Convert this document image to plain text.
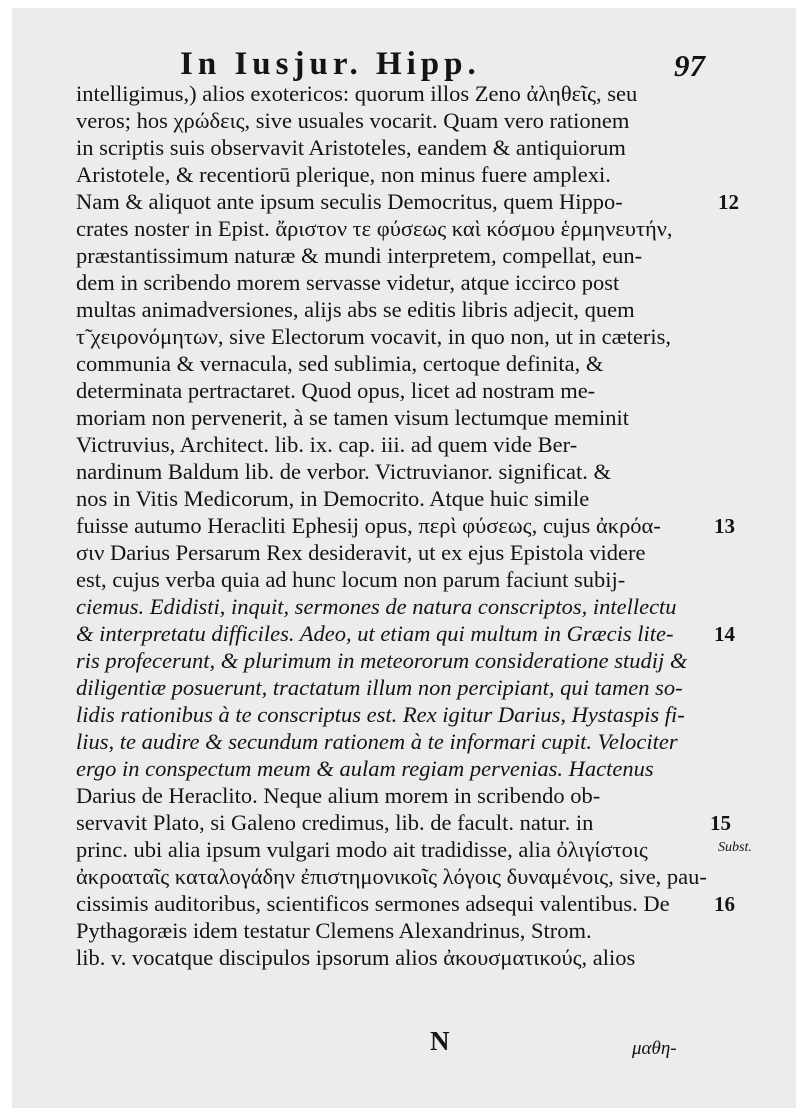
In Iusjur. Hipp.	97
intelligimus,) alios exotericos: quorum illos Zeno ἀληθεῖς, seu
veros; hos χρώδεις, sive usuales vocarit. Quam vero rationem
in scriptis suis observavit Aristoteles, eandem & antiquiorum
Aristotele, & recentiorū plerique, non minus fuere amplexi.
Nam & aliquot ante ipsum seculis Democritus, quem Hippo-
crates noster in Epist. ἄριστον τε φύσεως καὶ κόσμου ἑρμηνευτήν,
præstantissimum naturæ & mundi interpretem, compellat, eun-
dem in scribendo morem servasse videtur, atque iccirco post
multas animadversiones, alijs abs se editis libris adjecit, quem
τ̃ χειρονόμητων, sive Electorum vocavit, in quo non, ut in cæteris,
communia & vernacula, sed sublimia, certoque definita, &
determinata pertractaret. Quod opus, licet ad nostram me-
moriam non pervenerit, à se tamen visum lectumque meminit
Victruvius, Architect. lib. ix. cap. iii. ad quem vide Ber-
nardinum Baldum lib. de verbor. Victruvianor. significat. &
nos in Vitis Medicorum, in Democrito. Atque huic simile
fuisse autumo Heracliti Ephesij opus, περὶ φύσεως, cujus ἀκρόα-
σιν Darius Persarum Rex desideravit, ut ex ejus Epistola videre
est, cujus verba quia ad hunc locum non parum faciunt subij-
ciemus. Edidisti, inquit, sermones de natura conscriptos, intellectu
& interpretatu difficiles. Adeo, ut etiam qui multum in Græcis lite-
ris profecerunt, & plurimum in meteororum consideratione studij &
diligentiæ posuerunt, tractatum illum non percipiant, qui tamen so-
lidis rationibus à te conscriptus est. Rex igitur Darius, Hystaspis fi-
lius, te audire & secundum rationem à te informari cupit. Velociter
ergo in conspectum meum & aulam regiam pervenias. Hactenus
Darius de Heraclito. Neque alium morem in scribendo ob-
servavit Plato, si Galeno credimus, lib. de facult. natur. in
princ. ubi alia ipsum vulgari modo ait tradidisse, alia ὀλιγίστοις
ἀκροαταῖς καταλογάδην ἐπιστημονικοῖς λόγοις δυναμένοις, sive, pau-
cissimis auditoribus, scientificos sermones adsequi valentibus. De
Pythagoræis idem testatur Clemens Alexandrinus, Strom.
lib. v. vocatque discipulos ipsorum alios ἀκουσματικούς, alios
12
13
14
15
Subst.
16
N	μαθη-
